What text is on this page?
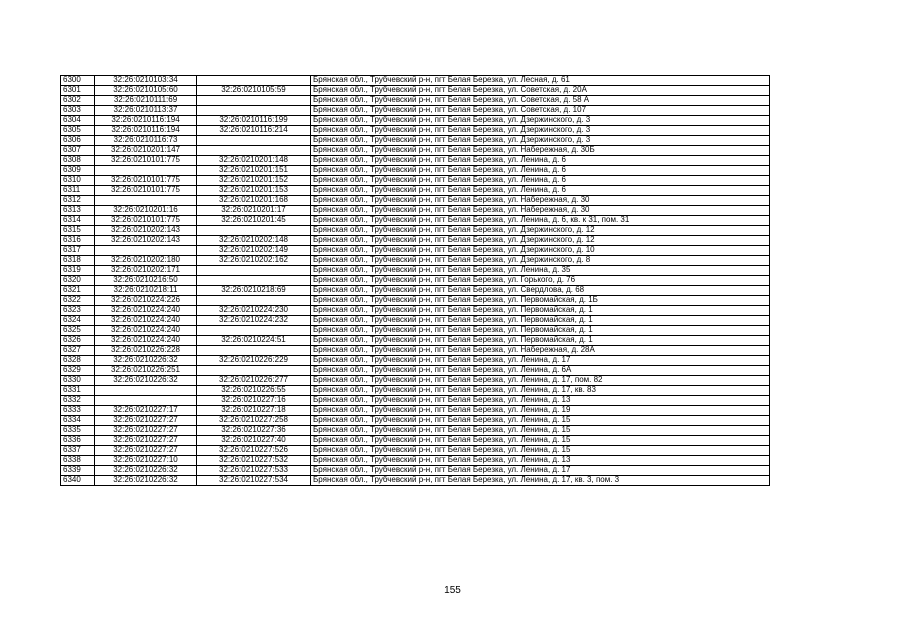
6300	32:26:0210103:34		Брянская обл., Трубчевский р-н, пгт Белая Березка, ул. Лесная, д. 61
6301	32:26:0210105:60	32:26:0210105:59	Брянская обл., Трубчевский р-н, пгт Белая Березка, ул. Советская, д. 20А
6302	32:26:0210111:69		Брянская обл., Трубчевский р-н, пгт Белая Березка, ул. Советская, д. 58 А
6303	32:26:0210113:37		Брянская обл., Трубчевский р-н, пгт Белая Березка, ул. Советская, д. 107
6304	32:26:0210116:194	32:26:0210116:199	Брянская обл., Трубчевский р-н, пгт Белая Березка, ул. Дзержинского, д. 3
6305	32:26:0210116:194	32:26:0210116:214	Брянская обл., Трубчевский р-н, пгт Белая Березка, ул. Дзержинского, д. 3
6306	32:26:0210116:73		Брянская обл., Трубчевский р-н, пгт Белая Березка, ул. Дзержинского, д. 3
6307	32:26:0210201:147		Брянская обл., Трубчевский р-н, пгт Белая Березка, ул. Набережная, д. 30Б
6308	32:26:0210101:775	32:26:0210201:148	Брянская обл., Трубчевский р-н, пгт Белая Березка, ул. Ленина, д. 6
6309		32:26:0210201:151	Брянская обл., Трубчевский р-н, пгт Белая Березка, ул. Ленина, д. 6
6310	32:26:0210101:775	32:26:0210201:152	Брянская обл., Трубчевский р-н, пгт Белая Березка, ул. Ленина, д. 6
6311	32:26:0210101:775	32:26:0210201:153	Брянская обл., Трубчевский р-н, пгт Белая Березка, ул. Ленина, д. 6
6312		32:26:0210201:168	Брянская обл., Трубчевский р-н, пгт Белая Березка, ул. Набережная, д. 30
6313	32:26:0210201:16	32:26:0210201:17	Брянская обл., Трубчевский р-н, пгт Белая Березка, ул. Набережная, д. 30
6314	32:26:0210101:775	32:26:0210201:45	Брянская обл., Трубчевский р-н, пгт Белая Березка, ул. Ленина, д. 6, кв. к 31, пом. 31
6315	32:26:0210202:143		Брянская обл., Трубчевский р-н, пгт Белая Березка, ул. Дзержинского, д. 12
6316	32:26:0210202:143	32:26:0210202:148	Брянская обл., Трубчевский р-н, пгт Белая Березка, ул. Дзержинского, д. 12
6317		32:26:0210202:149	Брянская обл., Трубчевский р-н, пгт Белая Березка, ул. Дзержинского, д. 10
6318	32:26:0210202:180	32:26:0210202:162	Брянская обл., Трубчевский р-н, пгт Белая Березка, ул. Дзержинского, д. 8
6319	32:26:0210202:171		Брянская обл., Трубчевский р-н, пгт Белая Березка, ул. Ленина, д. 35
6320	32:26:0210216:50		Брянская обл., Трубчевский р-н, пгт Белая Березка, ул. Горького, д. 76
6321	32:26:0210218:11	32:26:0210218:69	Брянская обл., Трубчевский р-н, пгт Белая Березка, ул. Свердлова, д. 68
6322	32:26:0210224:226		Брянская обл., Трубчевский р-н, пгт Белая Березка, ул. Первомайская, д. 1Б
6323	32:26:0210224:240	32:26:0210224:230	Брянская обл., Трубчевский р-н, пгт Белая Березка, ул. Первомайская, д. 1
6324	32:26:0210224:240	32:26:0210224:232	Брянская обл., Трубчевский р-н, пгт Белая Березка, ул. Первомайская, д. 1
6325	32:26:0210224:240		Брянская обл., Трубчевский р-н, пгт Белая Березка, ул. Первомайская, д. 1
6326	32:26:0210224:240	32:26:0210224:51	Брянская обл., Трубчевский р-н, пгт Белая Березка, ул. Первомайская, д. 1
6327	32:26:0210226:228		Брянская обл., Трубчевский р-н, пгт Белая Березка, ул. Набережная, д. 28А
6328	32:26:0210226:32	32:26:0210226:229	Брянская обл., Трубчевский р-н, пгт Белая Березка, ул. Ленина, д. 17
6329	32:26:0210226:251		Брянская обл., Трубчевский р-н, пгт Белая Березка, ул. Ленина, д. 6А
6330	32:26:0210226:32	32:26:0210226:277	Брянская обл., Трубчевский р-н, пгт Белая Березка, ул. Ленина, д. 17, пом. 82
6331		32:26:0210226:55	Брянская обл., Трубчевский р-н, пгт Белая Березка, ул. Ленина, д. 17, кв. 83
6332		32:26:0210227:16	Брянская обл., Трубчевский р-н, пгт Белая Березка, ул. Ленина, д. 13
6333	32:26:0210227:17	32:26:0210227:18	Брянская обл., Трубчевский р-н, пгт Белая Березка, ул. Ленина, д. 19
6334	32:26:0210227:27	32:26:0210227:258	Брянская обл., Трубчевский р-н, пгт Белая Березка, ул. Ленина, д. 15
6335	32:26:0210227:27	32:26:0210227:36	Брянская обл., Трубчевский р-н, пгт Белая Березка, ул. Ленина, д. 15
6336	32:26:0210227:27	32:26:0210227:40	Брянская обл., Трубчевский р-н, пгт Белая Березка, ул. Ленина, д. 15
6337	32:26:0210227:27	32:26:0210227:526	Брянская обл., Трубчевский р-н, пгт Белая Березка, ул. Ленина, д. 15
6338	32:26:0210227:10	32:26:0210227:532	Брянская обл., Трубчевский р-н, пгт Белая Березка, ул. Ленина, д. 13
6339	32:26:0210226:32	32:26:0210227:533	Брянская обл., Трубчевский р-н, пгт Белая Березка, ул. Ленина, д. 17
6340	32:26:0210226:32	32:26:0210227:534	Брянская обл., Трубчевский р-н, пгт Белая Березка, ул. Ленина, д. 17, кв. 3, пом. 3
155
